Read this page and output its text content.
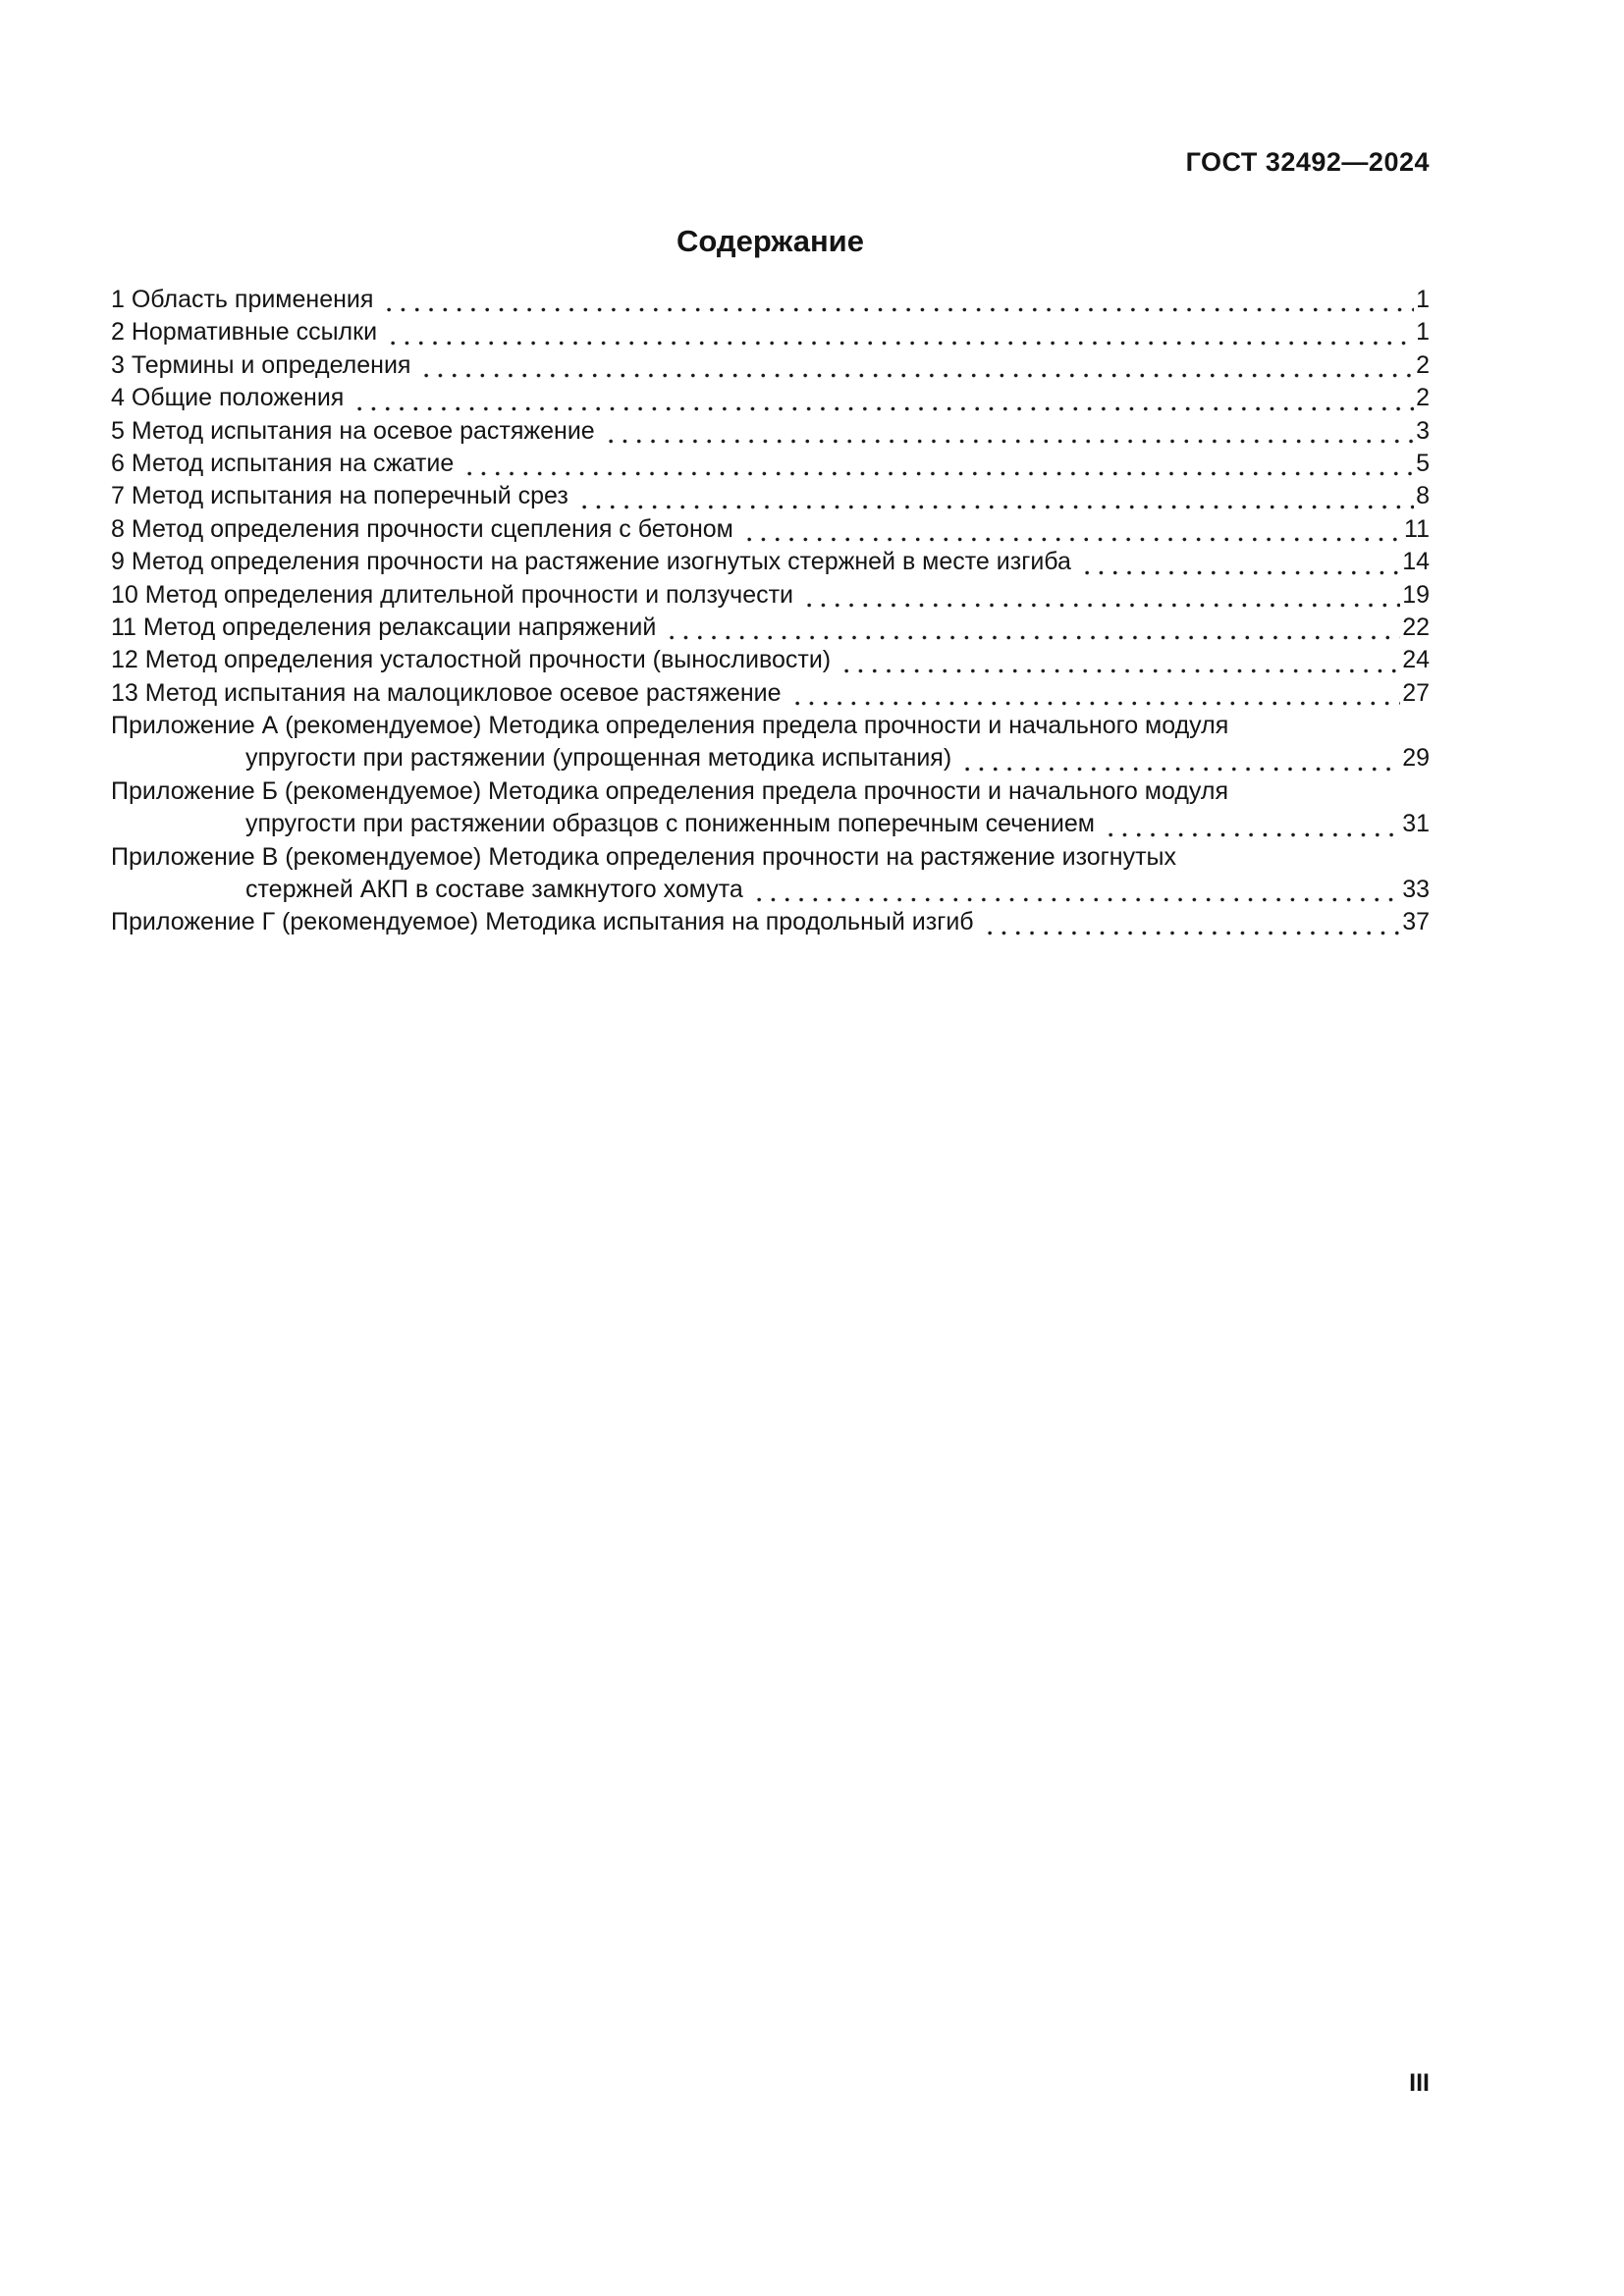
ГОСТ 32492—2024
Содержание
1 Область применения	1
2 Нормативные ссылки	1
3 Термины и определения	2
4 Общие положения	2
5 Метод испытания на осевое растяжение	3
6 Метод испытания на сжатие	5
7 Метод испытания на поперечный срез	8
8 Метод определения прочности сцепления с бетоном	11
9 Метод определения прочности на растяжение изогнутых стержней в месте изгиба	14
10 Метод определения длительной прочности и ползучести	19
11 Метод определения релаксации напряжений	22
12 Метод определения усталостной прочности (выносливости)	24
13 Метод испытания на малоцикловое осевое растяжение	27
Приложение А (рекомендуемое) Методика определения предела прочности и начального модуля
упругости при растяжении (упрощенная методика испытания)	29
Приложение Б (рекомендуемое) Методика определения предела прочности и начального модуля
упругости при растяжении образцов с пониженным поперечным сечением	31
Приложение В (рекомендуемое) Методика определения прочности на растяжение изогнутых
стержней АКП в составе замкнутого хомута	33
Приложение Г (рекомендуемое) Методика испытания на продольный изгиб	37
III
